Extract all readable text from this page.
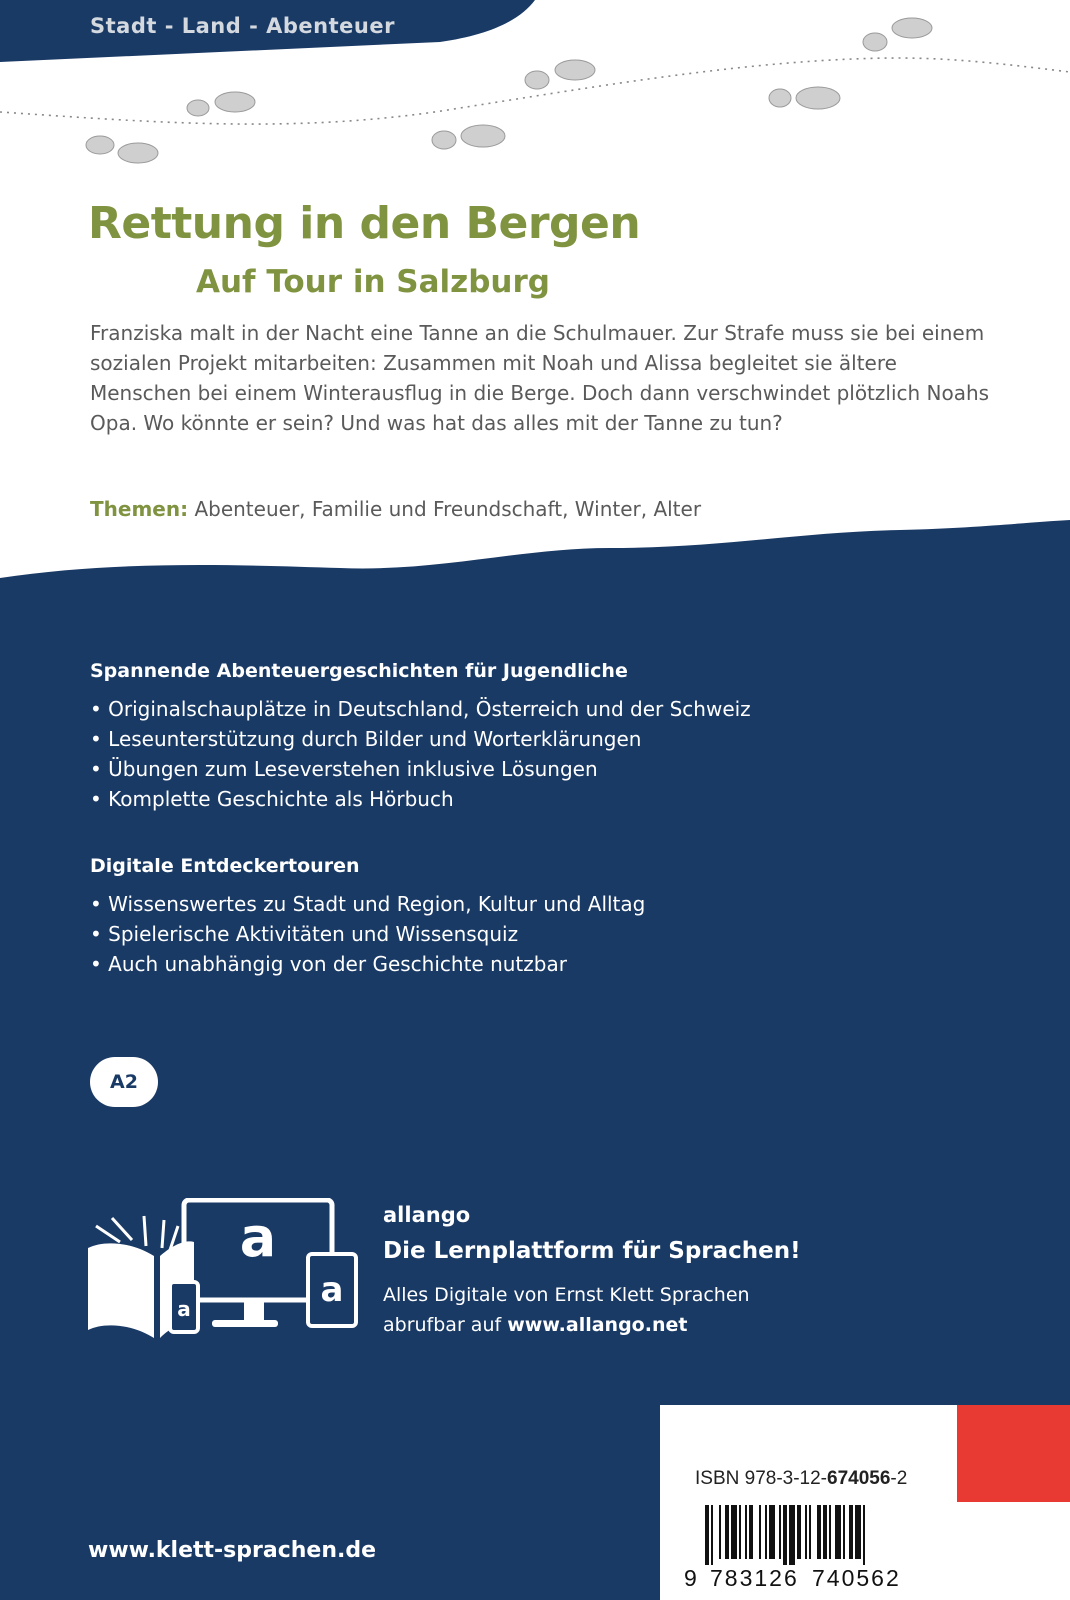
Stadt - Land - Abenteuer
Rettung in den Bergen
Auf Tour in Salzburg

Franziska malt in der Nacht eine Tanne an die Schulmauer. Zur Strafe muss sie bei einem sozialen Projekt mitarbeiten: Zusammen mit Noah und Alissa begleitet sie ältere Menschen bei einem Winterausflug in die Berge. Doch dann verschwindet plötzlich Noahs Opa. Wo könnte er sein? Und was hat das alles mit der Tanne zu tun?

Themen: Abenteuer, Familie und Freundschaft, Winter, Alter

Spannende Abenteuergeschichten für Jugendliche
• Originalschauplätze in Deutschland, Österreich und der Schweiz
• Leseunterstützung durch Bilder und Worterklärungen
• Übungen zum Leseverstehen inklusive Lösungen
• Komplette Geschichte als Hörbuch
Digitale Entdeckertouren
• Wissenswertes zu Stadt und Region, Kultur und Alltag
• Spielerische Aktivitäten und Wissensquiz
• Auch unabhängig von der Geschichte nutzbar
A2
a
a	a

allango

Die Lernplattform für Sprachen!

Alles Digitale von Ernst Klett Sprachen
abrufbar auf www.allango.net

www.klett-sprachen.de
ISBN 978-3-12-674056-2
9 783126 740562
